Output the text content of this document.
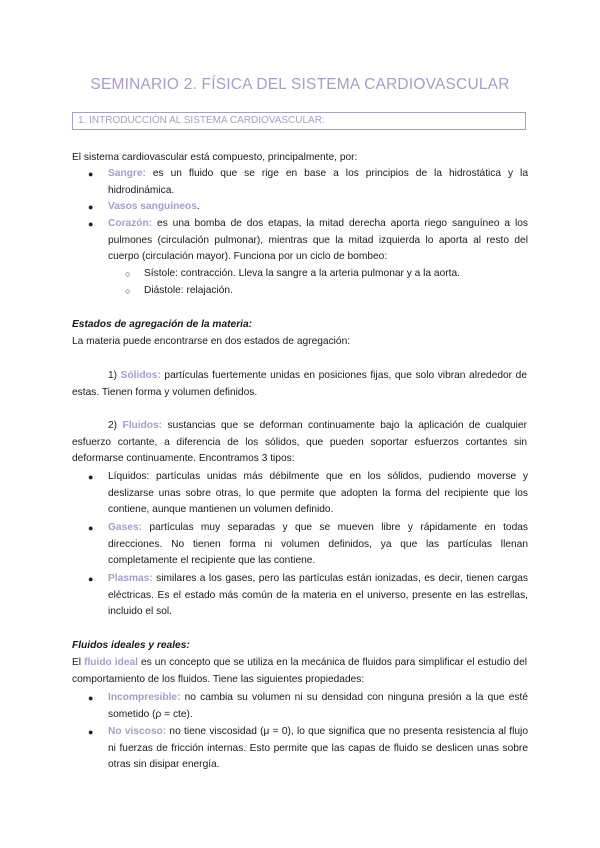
SEMINARIO 2. FÍSICA DEL SISTEMA CARDIOVASCULAR
1. INTRODUCCIÓN AL SISTEMA CARDIOVASCULAR:
El sistema cardiovascular está compuesto, principalmente, por:
● Sangre: es un fluido que se rige en base a los principios de la hidrostática y la hidrodinámica.
● Vasos sanguíneos.
● Corazón: es una bomba de dos etapas, la mitad derecha aporta riego sanguíneo a los pulmones (circulación pulmonar), mientras que la mitad izquierda lo aporta al resto del cuerpo (circulación mayor). Funciona por un ciclo de bombeo:
○ Sístole: contracción. Lleva la sangre a la arteria pulmonar y a la aorta.
○ Diástole: relajación.
Estados de agregación de la materia:
La materia puede encontrarse en dos estados de agregación:
1) Sólidos: partículas fuertemente unidas en posiciones fijas, que solo vibran alrededor de estas. Tienen forma y volumen definidos.
2) Fluidos: sustancias que se deforman continuamente bajo la aplicación de cualquier esfuerzo cortante, a diferencia de los sólidos, que pueden soportar esfuerzos cortantes sin deformarse continuamente. Encontramos 3 tipos:
● Líquidos: partículas unidas más débilmente que en los sólidos, pudiendo moverse y deslizarse unas sobre otras, lo que permite que adopten la forma del recipiente que los contiene, aunque mantienen un volumen definido.
● Gases: partículas muy separadas y que se mueven libre y rápidamente en todas direcciones. No tienen forma ni volumen definidos, ya que las partículas llenan completamente el recipiente que las contiene.
● Plasmas: similares a los gases, pero las partículas están ionizadas, es decir, tienen cargas eléctricas. Es el estado más común de la materia en el universo, presente en las estrellas, incluido el sol.
Fluidos ideales y reales:
El fluido ideal es un concepto que se utiliza en la mecánica de fluidos para simplificar el estudio del comportamiento de los fluidos. Tiene las siguientes propiedades:
● Incompresible: no cambia su volumen ni su densidad con ninguna presión a la que esté sometido (ρ = cte).
● No viscoso: no tiene viscosidad (μ = 0), lo que significa que no presenta resistencia al flujo ni fuerzas de fricción internas. Esto permite que las capas de fluido se deslicen unas sobre otras sin disipar energía.
